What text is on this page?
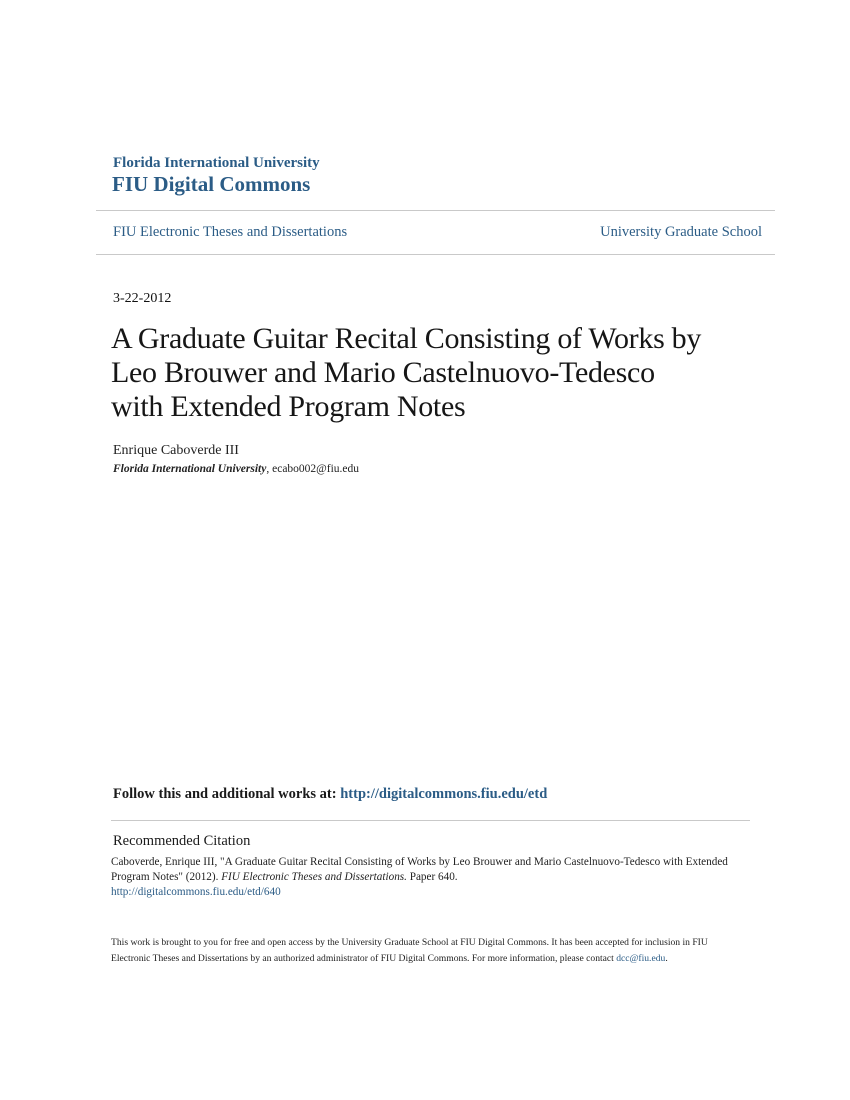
Florida International University
FIU Digital Commons
FIU Electronic Theses and Dissertations	University Graduate School
3-22-2012
A Graduate Guitar Recital Consisting of Works by
Leo Brouwer and Mario Castelnuovo-Tedesco
with Extended Program Notes
Enrique Caboverde III
Florida International University, ecabo002@fiu.edu
Follow this and additional works at: http://digitalcommons.fiu.edu/etd
Recommended Citation
Caboverde, Enrique III, "A Graduate Guitar Recital Consisting of Works by Leo Brouwer and Mario Castelnuovo-Tedesco with Extended Program Notes" (2012). FIU Electronic Theses and Dissertations. Paper 640.
http://digitalcommons.fiu.edu/etd/640
This work is brought to you for free and open access by the University Graduate School at FIU Digital Commons. It has been accepted for inclusion in FIU Electronic Theses and Dissertations by an authorized administrator of FIU Digital Commons. For more information, please contact dcc@fiu.edu.
